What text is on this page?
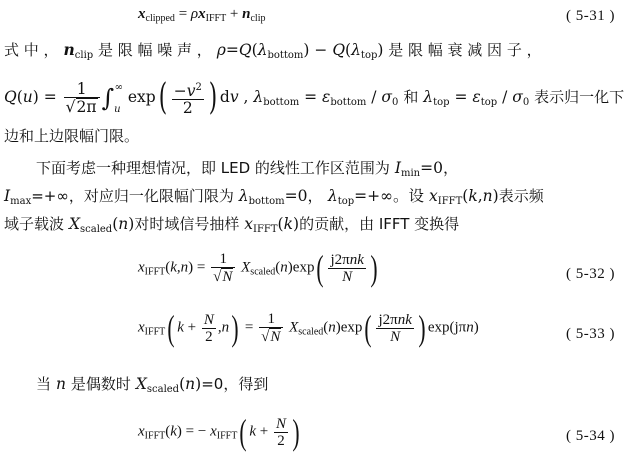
$x_{clipped} = \rho x_{IFFT} + n_{clip}$	( 5-31 )
式 中 ， $n_{clip}$ 是 限 幅 噪 声 ， $\rho=Q(\lambda_{bottom}) - Q(\lambda_{top})$ 是 限 幅 衰 减 因 子 ，
$Q(u) = \frac{1}{√2\pi} \int_u^\infty$ $\exp( \frac{-v^2}{2}$ ) dv , $\lambda_{bottom} = \varepsilon_{bottom} / \sigma_0$ 和 $\lambda_{top} = \varepsilon_{top} / \sigma_0$ 表示归一化下
边和上边限幅门限。
下面考虑一种理想情况，即 LED 的线性工作区范围为 $I_{min}=0$，
$I_{max}=+\infty$，对应归一化限幅门限为 $\lambda_{bottom}=0$， $\lambda_{top}=+\infty$。设 $x_{IFFT}(k,n)$表示频
域子载波 $X_{scaled}(n)$对时域信号抽样 $x_{IFFT}(k)$的贡献，由 IFFT 变换得
$x_{IFFT}(k,n) = \frac{1}{√N} X_{scaled}(n)\exp( \frac{\text{j2πnk}}{N}$ )	( 5-32 )
$x_{IFFT}$( $k + \frac{N}{2} ,n) = \frac{1}{√N} X_{scaled}(n)\exp( \frac{\text{j2πnk}}{N}$ ) exp(jπn)	( 5-33 )
当 n 是偶数时 $X_{scaled}(n)=0$，得到
$x_{IFFT}(k)$ = − $x_{IFFT}$( $k + \frac{N}{2}$ )	( 5-34 )
